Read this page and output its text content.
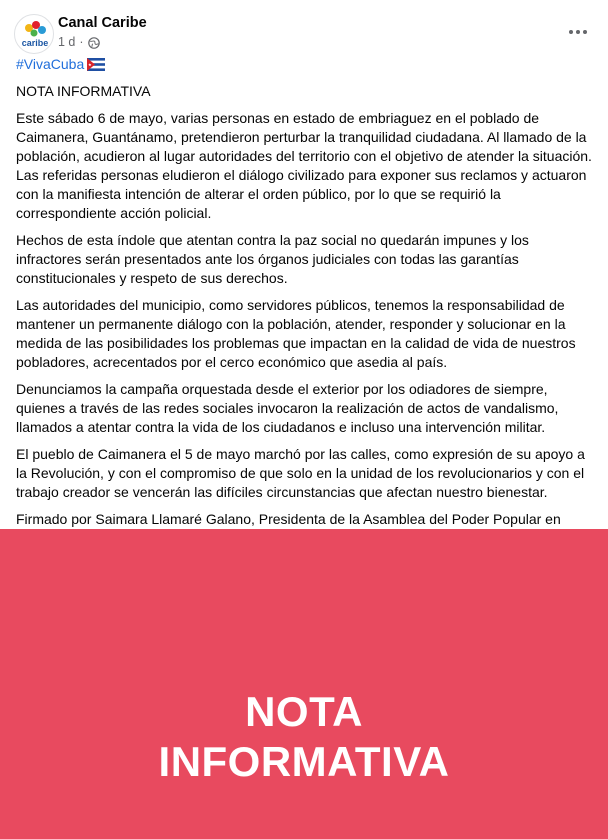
caribe
Canal Caribe
1 d ·

#VivaCuba

NOTA INFORMATIVA

Este sábado 6 de mayo, varias personas en estado de embriaguez en el poblado de Caimanera, Guantánamo, pretendieron perturbar la tranquilidad ciudadana. Al llamado de la población, acudieron al lugar autoridades del territorio con el objetivo de atender la situación. Las referidas personas eludieron el diálogo civilizado para exponer sus reclamos y actuaron con la manifiesta intención de alterar el orden público, por lo que se requirió la correspondiente acción policial.

Hechos de esta índole que atentan contra la paz social no quedarán impunes y los infractores serán presentados ante los órganos judiciales con todas las garantías constitucionales y respeto de sus derechos.

Las autoridades del municipio, como servidores públicos, tenemos la responsabilidad de mantener un permanente diálogo con la población, atender, responder y solucionar en la medida de las posibilidades los problemas que impactan en la calidad de vida de nuestros pobladores, acrecentados por el cerco económico que asedia al país.

Denunciamos la campaña orquestada desde el exterior por los odiadores de siempre, quienes a través de las redes sociales invocaron la realización de actos de vandalismo, llamados a atentar contra la vida de los ciudadanos e incluso una intervención militar.

El pueblo de Caimanera el 5 de mayo marchó por las calles, como expresión de su apoyo a la Revolución, y con el compromiso de que solo en la unidad de los revolucionarios y con el trabajo creador se vencerán las difíciles circunstancias que afectan nuestro bienestar.

Firmado por Saimara Llamaré Galano, Presidenta de la Asamblea del Poder Popular en

NOTA
INFORMATIVA
